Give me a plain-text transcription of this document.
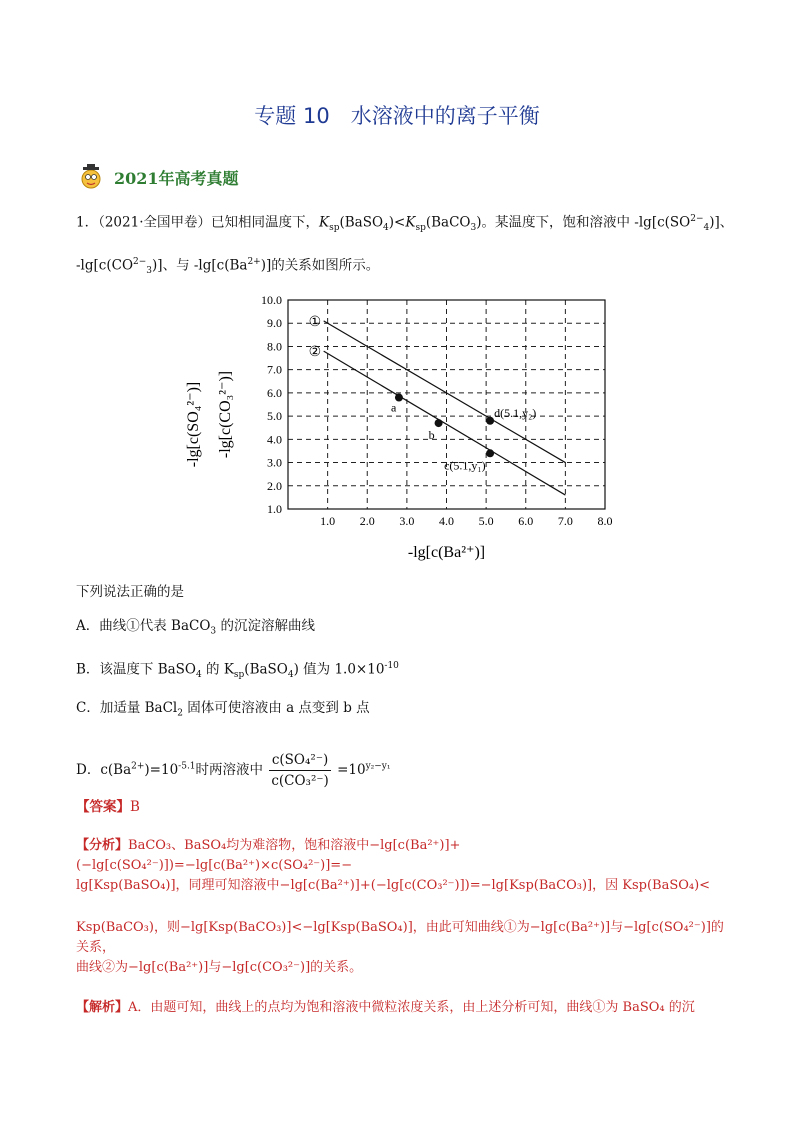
专题 10　水溶液中的离子平衡
2021年高考真题
1．（2021·全国甲卷）已知相同温度下，$K_{sp}(BaSO_4)<K_{sp}(BaCO_3)$。某温度下，饱和溶液中 $-\lg[c(SO^{2-}_4)]$、
$-\lg[c(CO^{2-}_3)]$、与 $-\lg[c(Ba^{2+})]$的关系如图所示。
1.0 2.0 3.0 4.0 5.0 6.0 7.0 8.0
1.0
2.0
3.0
4.0
5.0
6.0
7.0
8.0
9.0
10.0
①
②
a
b
d(5.1,y₂)
c(5.1,y₁)
-lg[c(Ba²⁺)]
-lg[c(SO₄²⁻)] -lg[c(CO₃²⁻)]
下列说法正确的是
A．曲线①代表 BaCO$_3$ 的沉淀溶解曲线
B．该温度下 BaSO$_4$ 的 $K_{sp}(BaSO_4)$ 值为 $1.0\times 10^{-10}$
C．加适量 BaCl$_2$ 固体可使溶液由 a 点变到 b 点
D．$c(Ba^{2+})=10^{-5.1}$时两溶液中 $\frac{\text{c(SO₄²⁻)}}{\text{c(CO₃²⁻)}} =10^{y_2-y_1}$
【答案】B
【分析】BaCO₃、BaSO₄均为难溶物，饱和溶液中−lg[c(Ba²⁺)]+(−lg[c(SO₄²⁻)])=−lg[c(Ba²⁺)×c(SO₄²⁻)]=−
lg[Ksp(BaSO₄)]，同理可知溶液中−lg[c(Ba²⁺)]+(−lg[c(CO₃²⁻)])=−lg[Ksp(BaCO₃)]，因 Ksp(BaSO₄)<
Ksp(BaCO₃)，则−lg[Ksp(BaCO₃)]<−lg[Ksp(BaSO₄)]，由此可知曲线①为−lg[c(Ba²⁺)]与−lg[c(SO₄²⁻)]的关系，
曲线②为−lg[c(Ba²⁺)]与−lg[c(CO₃²⁻)]的关系。
【解析】A．由题可知，曲线上的点均为饱和溶液中微粒浓度关系，由上述分析可知，曲线①为 BaSO₄ 的沉
